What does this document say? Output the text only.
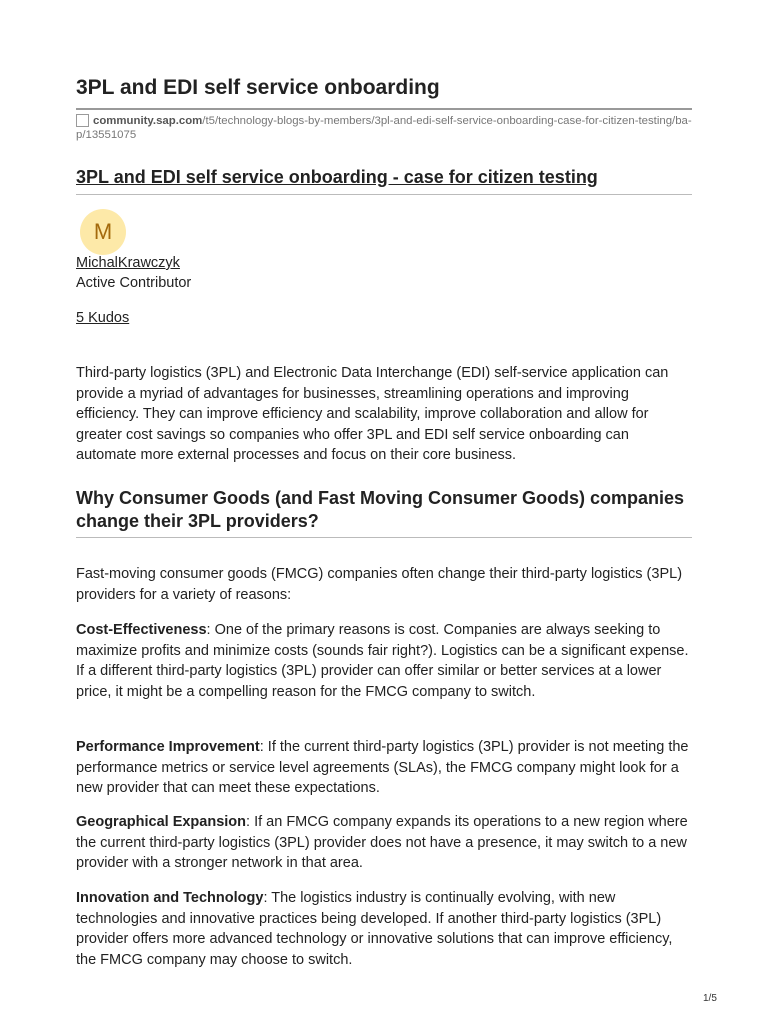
3PL and EDI self service onboarding
community.sap.com/t5/technology-blogs-by-members/3pl-and-edi-self-service-onboarding-case-for-citizen-testing/ba-p/13551075
3PL and EDI self service onboarding - case for citizen testing
M
MichalKrawczyk
Active Contributor
5 Kudos

Third-party logistics (3PL) and Electronic Data Interchange (EDI) self-service application can provide a myriad of advantages for businesses, streamlining operations and improving efficiency. They can improve efficiency and scalability, improve collaboration and allow for greater cost savings so companies who offer 3PL and EDI self service onboarding can automate more external processes and focus on their core business.

Why Consumer Goods (and Fast Moving Consumer Goods) companies change their 3PL providers?

Fast-moving consumer goods (FMCG) companies often change their third-party logistics (3PL) providers for a variety of reasons:

Cost-Effectiveness: One of the primary reasons is cost. Companies are always seeking to maximize profits and minimize costs (sounds fair right?). Logistics can be a significant expense. If a different third-party logistics (3PL) provider can offer similar or better services at a lower price, it might be a compelling reason for the FMCG company to switch.

Performance Improvement: If the current third-party logistics (3PL) provider is not meeting the performance metrics or service level agreements (SLAs), the FMCG company might look for a new provider that can meet these expectations.

Geographical Expansion: If an FMCG company expands its operations to a new region where the current third-party logistics (3PL) provider does not have a presence, it may switch to a new provider with a stronger network in that area.

Innovation and Technology: The logistics industry is continually evolving, with new technologies and innovative practices being developed. If another third-party logistics (3PL) provider offers more advanced technology or innovative solutions that can improve efficiency, the FMCG company may choose to switch.

1/5
